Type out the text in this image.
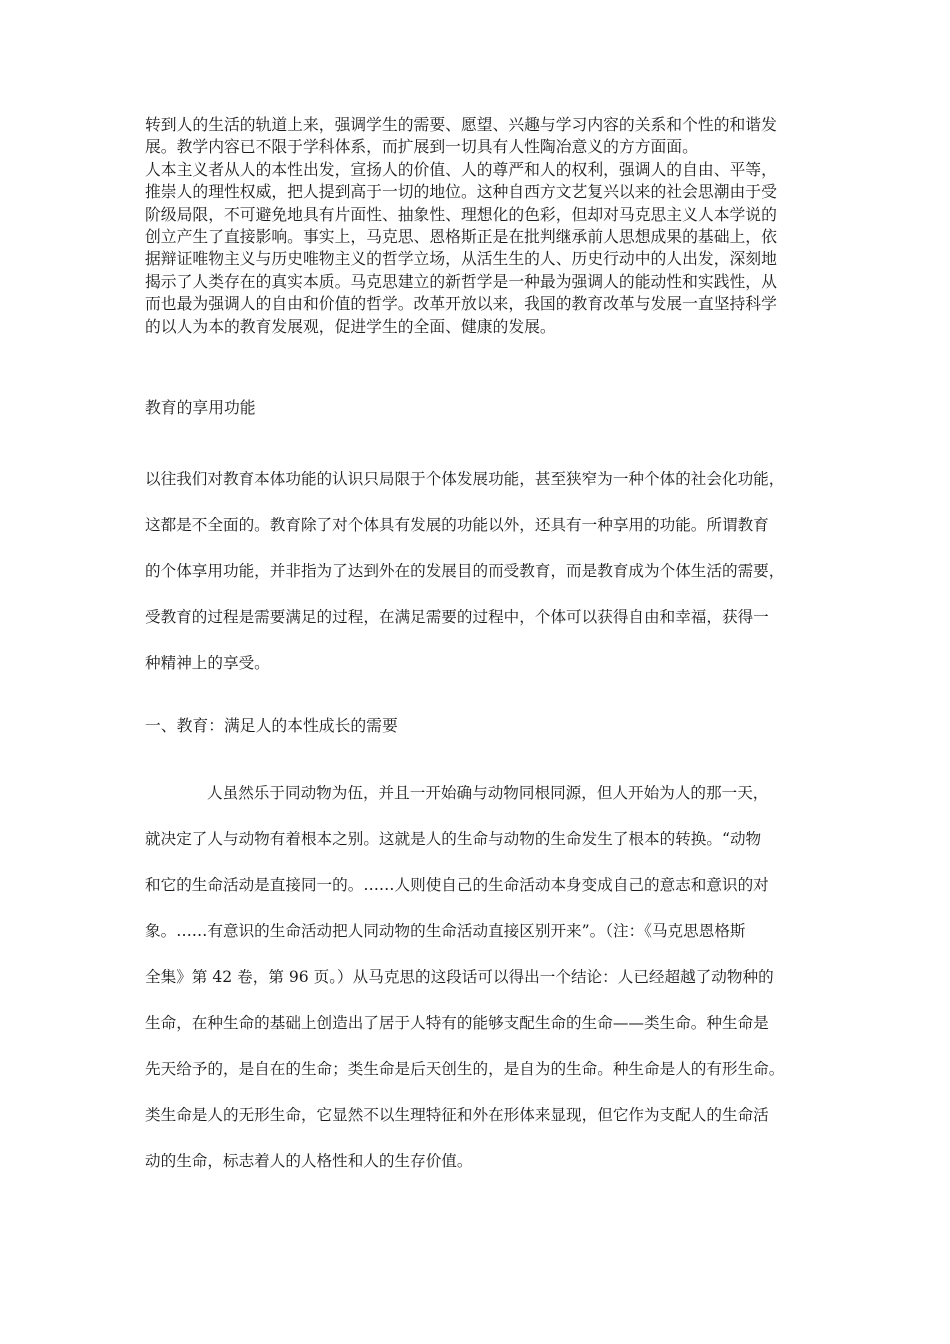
转到人的生活的轨道上来，强调学生的需要、愿望、兴趣与学习内容的关系和个性的和谐发
展。教学内容已不限于学科体系，而扩展到一切具有人性陶冶意义的方方面面。
人本主义者从人的本性出发，宣扬人的价值、人的尊严和人的权利，强调人的自由、平等，
推崇人的理性权威，把人提到高于一切的地位。这种自西方文艺复兴以来的社会思潮由于受
阶级局限，不可避免地具有片面性、抽象性、理想化的色彩，但却对马克思主义人本学说的
创立产生了直接影响。事实上，马克思、恩格斯正是在批判继承前人思想成果的基础上，依
据辩证唯物主义与历史唯物主义的哲学立场，从活生生的人、历史行动中的人出发，深刻地
揭示了人类存在的真实本质。马克思建立的新哲学是一种最为强调人的能动性和实践性，从
而也最为强调人的自由和价值的哲学。改革开放以来，我国的教育改革与发展一直坚持科学
的以人为本的教育发展观，促进学生的全面、健康的发展。
教育的享用功能
以往我们对教育本体功能的认识只局限于个体发展功能，甚至狭窄为一种个体的社会化功能，
这都是不全面的。教育除了对个体具有发展的功能以外，还具有一种享用的功能。所谓教育
的个体享用功能，并非指为了达到外在的发展目的而受教育，而是教育成为个体生活的需要，
受教育的过程是需要满足的过程，在满足需要的过程中，个体可以获得自由和幸福，获得一
种精神上的享受。
一、教育：满足人的本性成长的需要
人虽然乐于同动物为伍，并且一开始确与动物同根同源，但人开始为人的那一天，
就决定了人与动物有着根本之别。这就是人的生命与动物的生命发生了根本的转换。“动物
和它的生命活动是直接同一的。……人则使自己的生命活动本身变成自己的意志和意识的对
象。……有意识的生命活动把人同动物的生命活动直接区别开来”。（注：《马克思恩格斯
全集》第 42 卷，第 96 页。）从马克思的这段话可以得出一个结论：人已经超越了动物种的
生命，在种生命的基础上创造出了居于人特有的能够支配生命的生命——类生命。种生命是
先天给予的，是自在的生命；类生命是后天创生的，是自为的生命。种生命是人的有形生命。
类生命是人的无形生命，它显然不以生理特征和外在形体来显现，但它作为支配人的生命活
动的生命，标志着人的人格性和人的生存价值。
